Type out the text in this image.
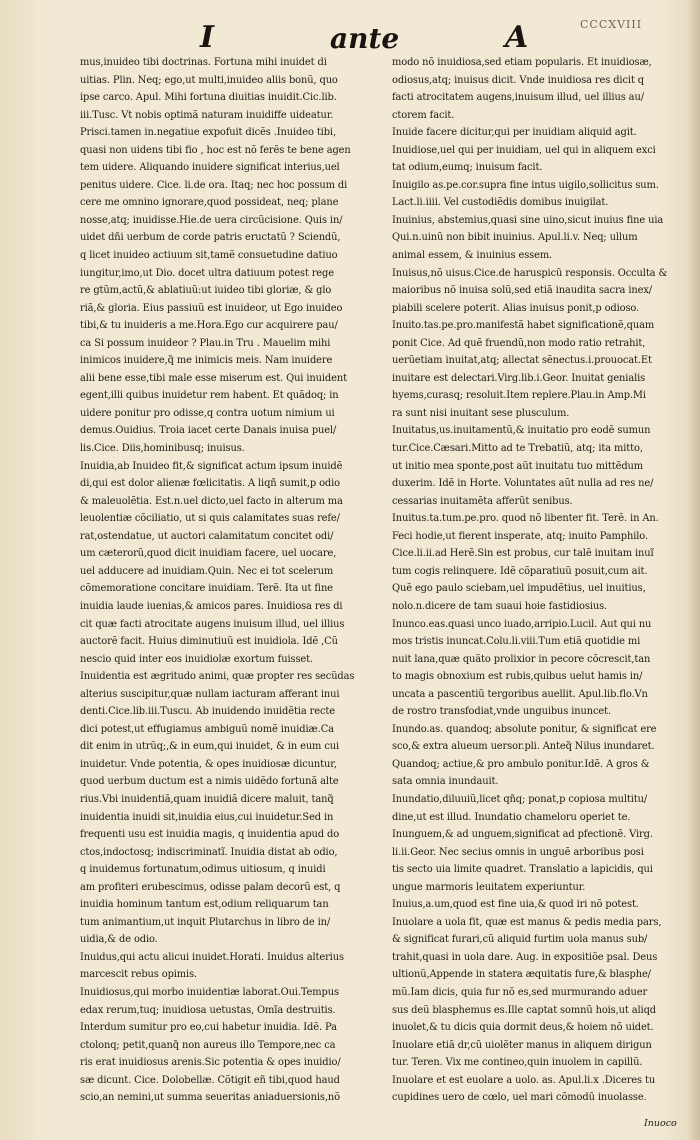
I	ante	A	CCCXVIII
mus,inuideo tibi doctrinas. Fortuna mihi inuidet di
uitias. Plin. Neq; ego,ut multi,inuideo aliis bonũ, quo
ipse carco. Apul. Mihi fortuna diuitias inuidit.Cic.lib.
iii.Tusc. Vt nobis optimã naturam inuidiffe uideatur.
Prisci.tamen in.negatiue expofuit dicẽs .Inuideo tibi,
quasi non uidens tibi fio , hoc est nõ ferẽs te bene agen
tem uidere. Aliquando inuidere significat interius,uel
penitus uidere. Cice. li.de ora. Itaq; nec hoc possum di
cere me omnino ignorare,quod possideat, neq; plane
nosse,atq; inuidisse.Hie.de uera circũcisione. Quis in/
uidet dñi uerbum de corde patris eructatũ ? Sciendũ,
q licet inuideo actiuum sit,tamẽ consuetudine datiuo
iungitur,imo,ut Dio. docet ultra datiuum potest rege
re gtũm,actũ,& ablatiuũ:ut iuideo tibi gloriæ, & glo
riã,& gloria. Eius passiuũ est inuideor, ut Ego inuideo
tibi,& tu inuideris a me.Hora.Ego cur acquirere pau/
ca Si possum inuideor ? Plau.in Tru . Mauelim mihi
inimicos inuidere,q̃ me inimicis meis. Nam inuidere
alii bene esse,tibi male esse miserum est. Qui inuident
egent,illi quibus inuidetur rem habent. Et quãdoq; in
uidere ponitur pro odisse,q contra uotum nimium ui
demus.Ouidius. Troia iacet certe Danais inuisa puel/
lis.Cice. Diis,hominibusq; inuisus.
Inuidia,ab Inuideo fit,& significat actum ipsum inuidẽ
di,qui est dolor alienæ fœlicitatis. A liqñ sumit,p odio
& maleuolẽtia. Est.n.uel dicto,uel facto in alterum ma
leuolentiæ cõciliatio, ut si quis calamitates suas refe/
rat,ostendatue, ut auctori calamitatum concitet odi/
um cæterorũ,quod dicit inuidiam facere, uel uocare,
uel adducere ad inuidiam.Quin. Nec ei tot scelerum
cõmemoratione concitare inuidiam. Terẽ. Ita ut fine
inuidia laude iuenias,& amicos pares. Inuidiosa res di
cit quæ facti atrocitate augens inuisum illud, uel illius
auctorẽ facit. Huius diminutiuũ est inuidiola. Idẽ ,Cũ
nescio quid inter eos inuidiolæ exortum fuisset.
Inuidentia est ægritudo animi, quæ propter res secũdas
alterius suscipitur,quæ nullam iacturam afferant inui
denti.Cice.lib.iii.Tuscu. Ab inuidendo inuidẽtia recte
dici potest,ut effugiamus ambiguũ nomẽ inuidiæ.Ca
dit enim in utrũq;,& in eum,qui inuidet, & in eum cui
inuidetur. Vnde potentia, & opes inuidiosæ dicuntur,
quod uerbum ductum est a nimis uidẽdo fortunã alte
rius.Vbi inuidentiã,quam inuidiã dicere maluit, tanq̃
inuidentia inuidi sit,inuidia eius,cui inuidetur.Sed in
frequenti usu est inuidia magis, q inuidentia apud do
ctos,indoctosq; indiscriminatĩ. Inuidia distat ab odio,
q inuidemus fortunatum,odimus uitiosum, q inuidi
am profiteri erubescimus, odisse palam decorũ est, q
inuidia hominum tantum est,odium reliquarum tan
tum animantium,ut inquit Plutarchus in libro de in/
uidia,& de odio.
Inuidus,qui actu alicui inuidet.Horati. Inuidus alterius
marcescit rebus opimis.
Inuidiosus,qui morbo inuidentiæ laborat.Oui.Tempus
edax rerum,tuq; inuidiosa uetustas, Omĩa destruitis.
Interdum sumitur pro eo,cui habetur inuidia. Idẽ. Pa
ctolonq; petit,quanq̃ non aureus illo Tempore,nec ca
ris erat inuidiosus arenis.Sic potentia & opes inuidio/
sæ dicunt. Cice. Dolobellæ. Cõtigit eñ tibi,quod haud
scio,an nemini,ut summa seueritas aniaduersionis,nõ
modo nõ inuidiosa,sed etiam popularis. Et inuidiosæ,
odiosus,atq; inuisus dicit. Vnde inuidiosa res dicit q
facti atrocitatem augens,inuisum illud, uel illius au/
ctorem facit.
Inuide facere dicitur,qui per inuidiam aliquid agit.
Inuidiose,uel qui per inuidiam, uel qui in aliquem exci
tat odium,eumq; inuisum facit.
Inuigilo as.pe.cor.supra fine intus uigilo,sollicitus sum.
Lact.li.iiii. Vel custodiẽdis domibus inuigilat.
Inuinius, abstemius,quasi sine uino,sicut inuius fine uia
Qui.n.uinũ non bibit inuinius. Apul.li.v. Neq; ullum
animal essem, & inuinius essem.
Inuisus,nõ uisus.Cice.de haruspicũ responsis. Occulta &
maioribus nõ inuisa solũ,sed etiã inaudita sacra inex/
piabili scelere poterit. Alias inuisus ponit,p odioso.
Inuito.tas.pe.pro.manifestã habet significationẽ,quam
ponit Cice. Ad quẽ fruendũ,non modo ratio retrahit,
uerũetiam inuitat,atq; allectat sẽnectus.i.prouocat.Et
inuitare est delectari.Virg.lib.i.Geor. Inuitat genialis
hyems,curasq; resoluit.Item replere.Plau.in Amp.Mi
ra sunt nisi inuitant sese plusculum.
Inuitatus,us.inuitamentũ,& inuitatio pro eodẽ sumun
tur.Cice.Cæsari.Mitto ad te Trebatiũ, atq; ita mitto,
ut initio mea sponte,post aũt inuitatu tuo mittẽdum
duxerim. Idẽ in Horte. Voluntates aũt nulla ad res ne/
cessarias inuitamẽta afferũt senibus.
Inuitus.ta.tum.pe.pro. quod nõ libenter fit. Terẽ. in An.
Feci hodie,ut fierent insperate, atq; inuito Pamphilo.
Cice.li.ii.ad Herẽ.Sin est probus, cur talẽ inuitam inuĩ
tum cogis relinquere. Idẽ cõparatiuũ posuit,cum ait.
Quẽ ego paulo sciebam,uel impudẽtius, uel inuitius,
nolo.n.dicere de tam suaui hoie fastidiosius.
Inunco.eas.quasi unco iuado,arripio.Lucil. Aut qui nu
mos tristis inuncat.Colu.li.viii.Tum etiã quotidie mi
nuit lana,quæ quãto prolixior in pecore cõcrescit,tan
to magis obnoxium est rubis,quibus uelut hamis in/
uncata a pascentiũ tergoribus auellit. Apul.lib.flo.Vn
de rostro transfodiat,vnde unguibus inuncet.
Inundo.as. quandoq; absolute ponitur, & significat ere
sco,& extra alueum uersor.pli. Anteq̃ Nilus inundaret.
Quandoq; actiue,& pro ambulo ponitur.Idẽ. A gros &
sata omnia inundauit.
Inundatio,diluuiũ,licet qñq; ponat,p copiosa multitu/
dine,ut est illud. Inundatio chameloru operiet te.
Inunguem,& ad unguem,significat ad pfectionẽ. Virg.
li.ii.Geor. Nec secius omnis in unguẽ arboribus posi
tis secto uia limite quadret. Translatio a lapicidis, qui
ungue marmoris leuitatem experiuntur.
Inuius,a.um,quod est fine uia,& quod iri nõ potest.
Inuolare a uola fit, quæ est manus & pedis media pars,
& significat furari,cũ aliquid furtim uola manus sub/
trahit,quasi in uola dare. Aug. in expositiõe psal. Deus
ultionũ,Appende in statera æquitatis fure,& blasphe/
mũ.Iam dicis, quia fur nõ es,sed murmurando aduer
sus deũ blasphemus es.Ille captat somnũ hois,ut aliqd
inuolet,& tu dicis quia dormit deus,& hoiem nõ uidet.
Inuolare etiã dr,cũ uiolẽter manus in aliquem dirigun
tur. Teren. Vix me contineo,quin inuolem in capillũ.
Inuolare et est euolare a uolo. as. Apul.li.x .Diceres tu
cupidines uero de cœlo, uel mari cõmodũ inuolasse.
Inuoco
